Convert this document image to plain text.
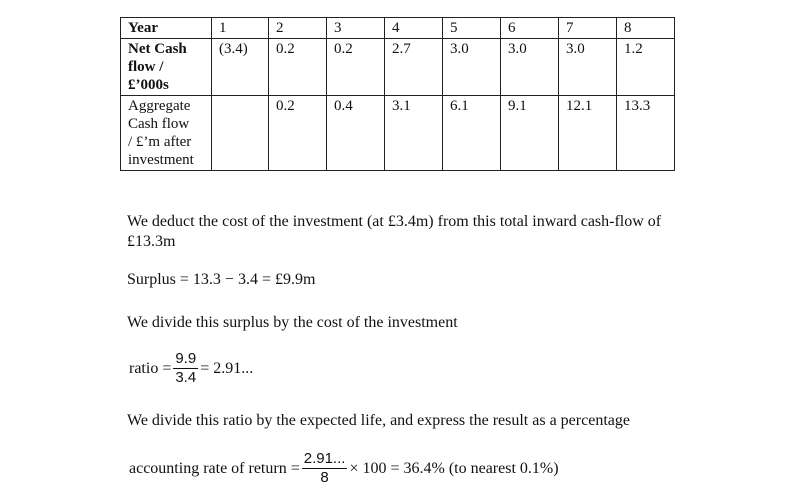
Year	1	2	3	4	5	6	7	8
Net Cash
flow /
£’000s	(3.4)	0.2	0.2	2.7	3.0	3.0	3.0	1.2
Aggregate
Cash flow
/ £’m after
investment		0.2	0.4	3.1	6.1	9.1	12.1	13.3

We deduct the cost of the investment (at £3.4m) from this total inward cash-flow of £13.3m

Surplus = 13.3 − 3.4 = £9.9m

We divide this surplus by the cost of the investment

ratio = $\frac{9.9}{3.4} = 2.91$...

We divide this ratio by the expected life, and express the result as a percentage

accounting rate of return = $\frac{2.91...}{8} \times 100 = 36.4\%$ (to nearest 0.1%)
